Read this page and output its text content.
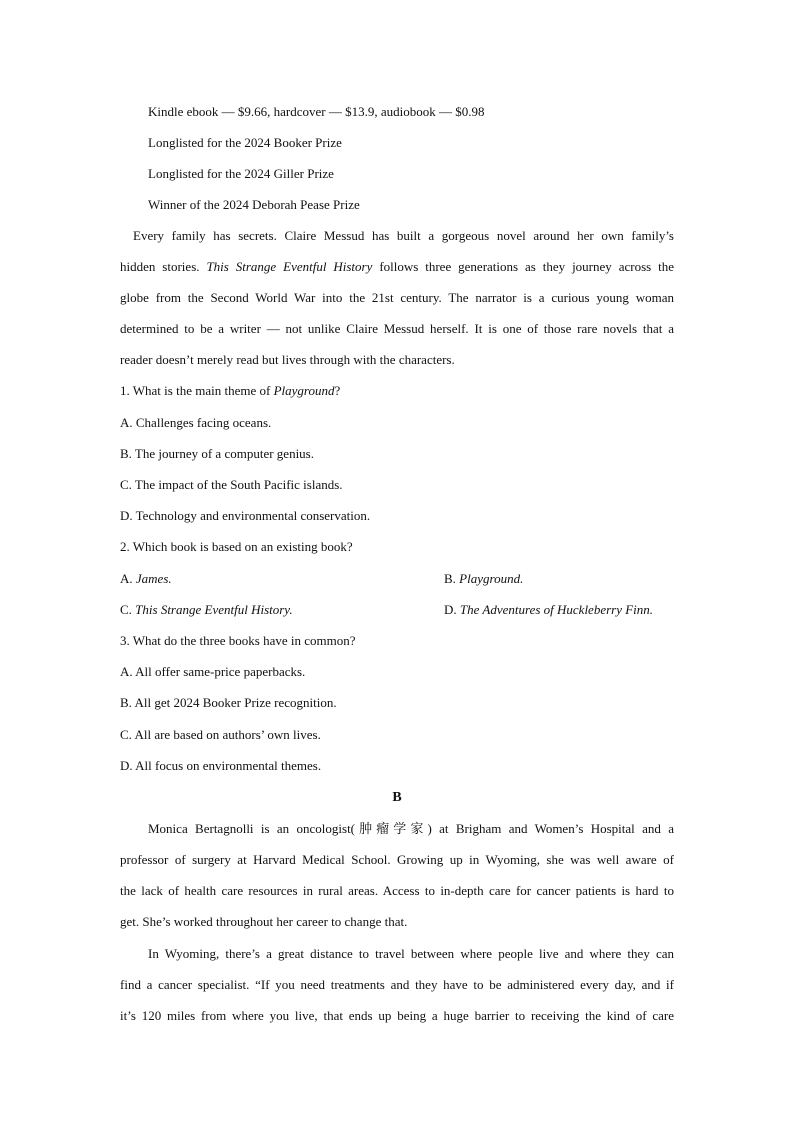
Kindle ebook — $9.66, hardcover — $13.9, audiobook — $0.98
Longlisted for the 2024 Booker Prize
Longlisted for the 2024 Giller Prize
Winner of the 2024 Deborah Pease Prize
Every family has secrets. Claire Messud has built a gorgeous novel around her own family’s
hidden stories. This Strange Eventful History follows three generations as they journey across the
globe from the Second World War into the 21st century. The narrator is a curious young woman
determined to be a writer — not unlike Claire Messud herself. It is one of those rare novels that a
reader doesn’t merely read but lives through with the characters.
1. What is the main theme of Playground?
A. Challenges facing oceans.
B. The journey of a computer genius.
C. The impact of the South Pacific islands.
D. Technology and environmental conservation.
2. Which book is based on an existing book?
A. James.	B. Playground.
C. This Strange Eventful History.	D. The Adventures of Huckleberry Finn.
3. What do the three books have in common?
A. All offer same-price paperbacks.
B. All get 2024 Booker Prize recognition.
C. All are based on authors’ own lives.
D. All focus on environmental themes.
B
Monica Bertagnolli is an oncologist(肿瘤学家) at Brigham and Women’s Hospital and a
professor of surgery at Harvard Medical School. Growing up in Wyoming, she was well aware of
the lack of health care resources in rural areas. Access to in-depth care for cancer patients is hard to
get. She’s worked throughout her career to change that.
In Wyoming, there’s a great distance to travel between where people live and where they can
find a cancer specialist. “If you need treatments and they have to be administered every day, and if
it’s 120 miles from where you live, that ends up being a huge barrier to receiving the kind of care
